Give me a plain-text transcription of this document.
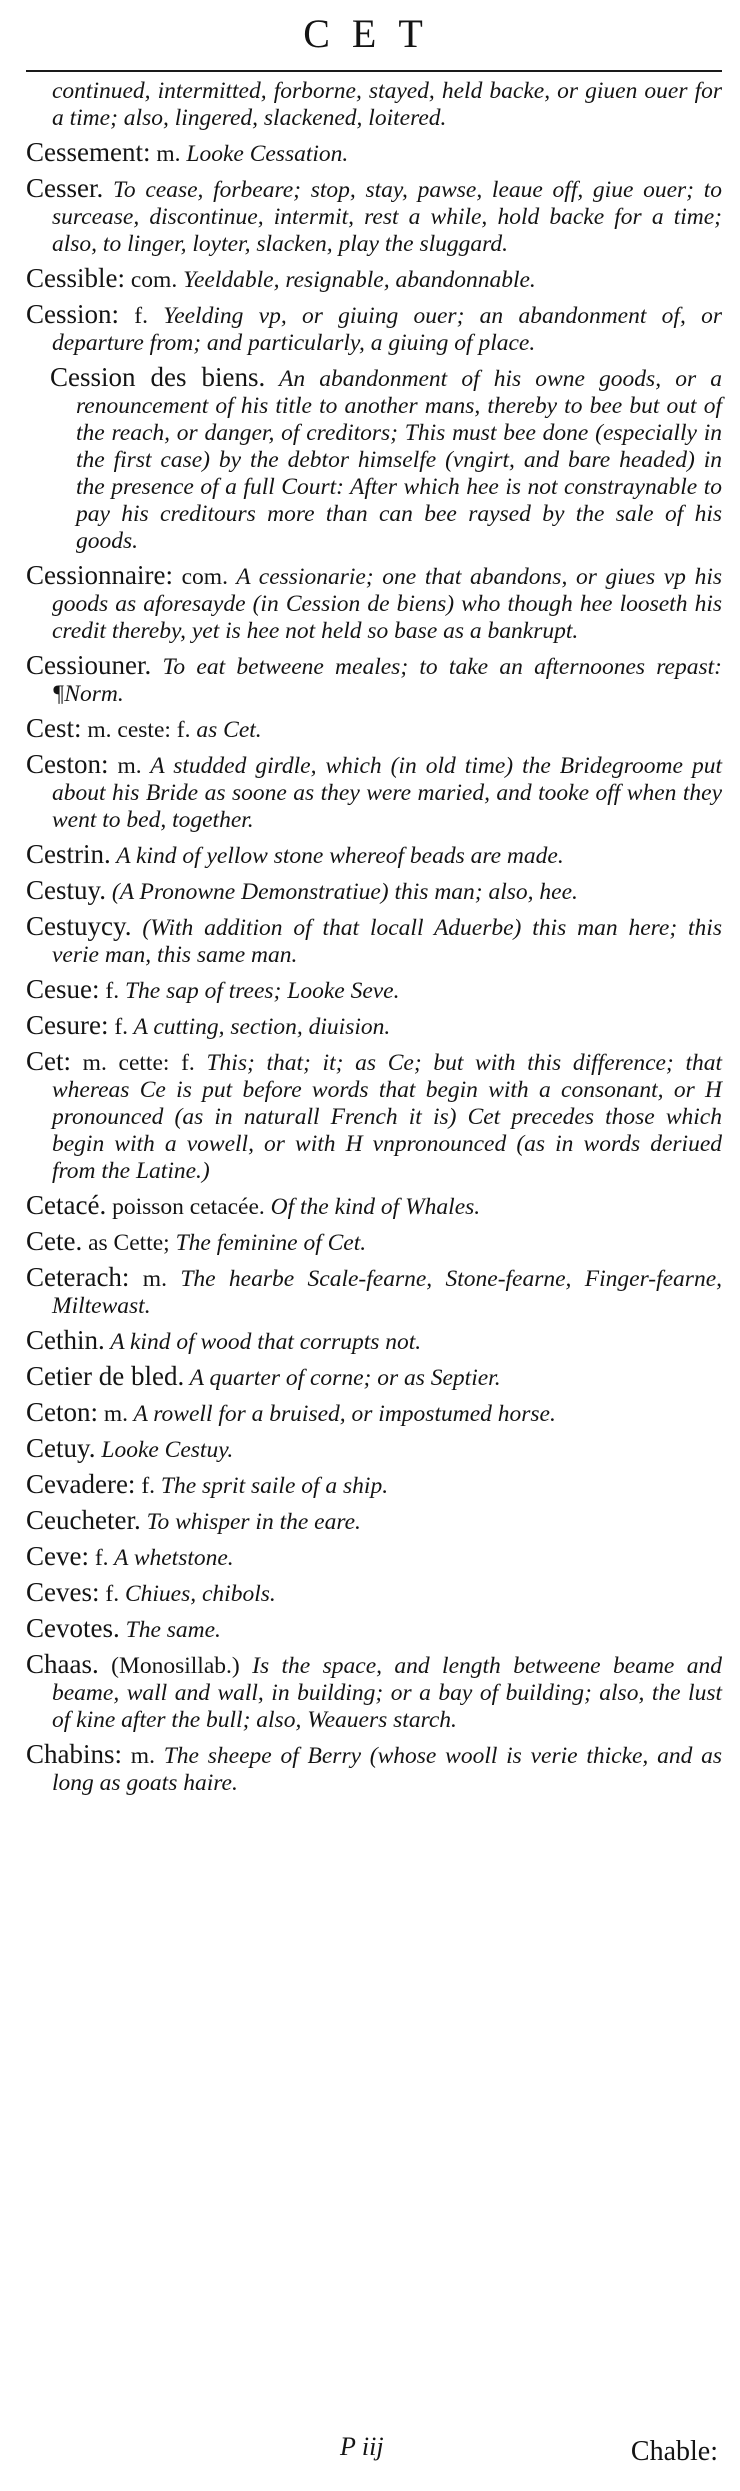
CET

continued, intermitted, forborne, stayed, held backe, or giuen ouer for a time; also, lingered, slackened, loitered.

Cessement: m. Looke Cessation.

Cesser. To cease, forbeare; stop, stay, pawse, leaue off, giue ouer; to surcease, discontinue, intermit, rest a while, hold backe for a time; also, to linger, loyter, slacken, play the sluggard.

Cessible: com. Yeeldable, resignable, abandonnable.

Cession: f. Yeelding vp, or giuing ouer; an abandonment of, or departure from; and particularly, a giuing of place.

Cession des biens. An abandonment of his owne goods, or a renouncement of his title to another mans, thereby to bee but out of the reach, or danger, of creditors; This must bee done (especially in the first case) by the debtor himselfe (vngirt, and bare headed) in the presence of a full Court: After which hee is not constraynable to pay his creditours more than can bee raysed by the sale of his goods.

Cessionnaire: com. A cessionarie; one that abandons, or giues vp his goods as aforesayde (in Cession de biens) who though hee looseth his credit thereby, yet is hee not held so base as a bankrupt.

Cessiouner. To eat betweene meales; to take an afternoones repast: ¶Norm.

Cest: m. ceste: f. as Cet.

Ceston: m. A studded girdle, which (in old time) the Bridegroome put about his Bride as soone as they were maried, and tooke off when they went to bed, together.

Cestrin. A kind of yellow stone whereof beads are made.

Cestuy. (A Pronowne Demonstratiue) this man; also, hee.

Cestuycy. (With addition of that locall Aduerbe) this man here; this verie man, this same man.

Cesue: f. The sap of trees; Looke Seve.

Cesure: f. A cutting, section, diuision.

Cet: m. cette: f. This; that; it; as Ce; but with this difference; that whereas Ce is put before words that begin with a consonant, or H pronounced (as in naturall French it is) Cet precedes those which begin with a vowell, or with H vnpronounced (as in words deriued from the Latine.)

Cetacé. poisson cetacée. Of the kind of Whales.

Cete. as Cette; The feminine of Cet.

Ceterach: m. The hearbe Scale-fearne, Stone-fearne, Finger-fearne, Miltewast.

Cethin. A kind of wood that corrupts not.

Cetier de bled. A quarter of corne; or as Septier.

Ceton: m. A rowell for a bruised, or impostumed horse.

Cetuy. Looke Cestuy.

Cevadere: f. The sprit saile of a ship.

Ceucheter. To whisper in the eare.

Ceve: f. A whetstone.

Ceves: f. Chiues, chibols.

Cevotes. The same.

Chaas. (Monosillab.) Is the space, and length betweene beame and beame, wall and wall, in building; or a bay of building; also, the lust of kine after the bull; also, Weauers starch.

Chabins: m. The sheepe of Berry (whose wooll is verie thicke, and as long as goats haire.

P iij	Chable:
